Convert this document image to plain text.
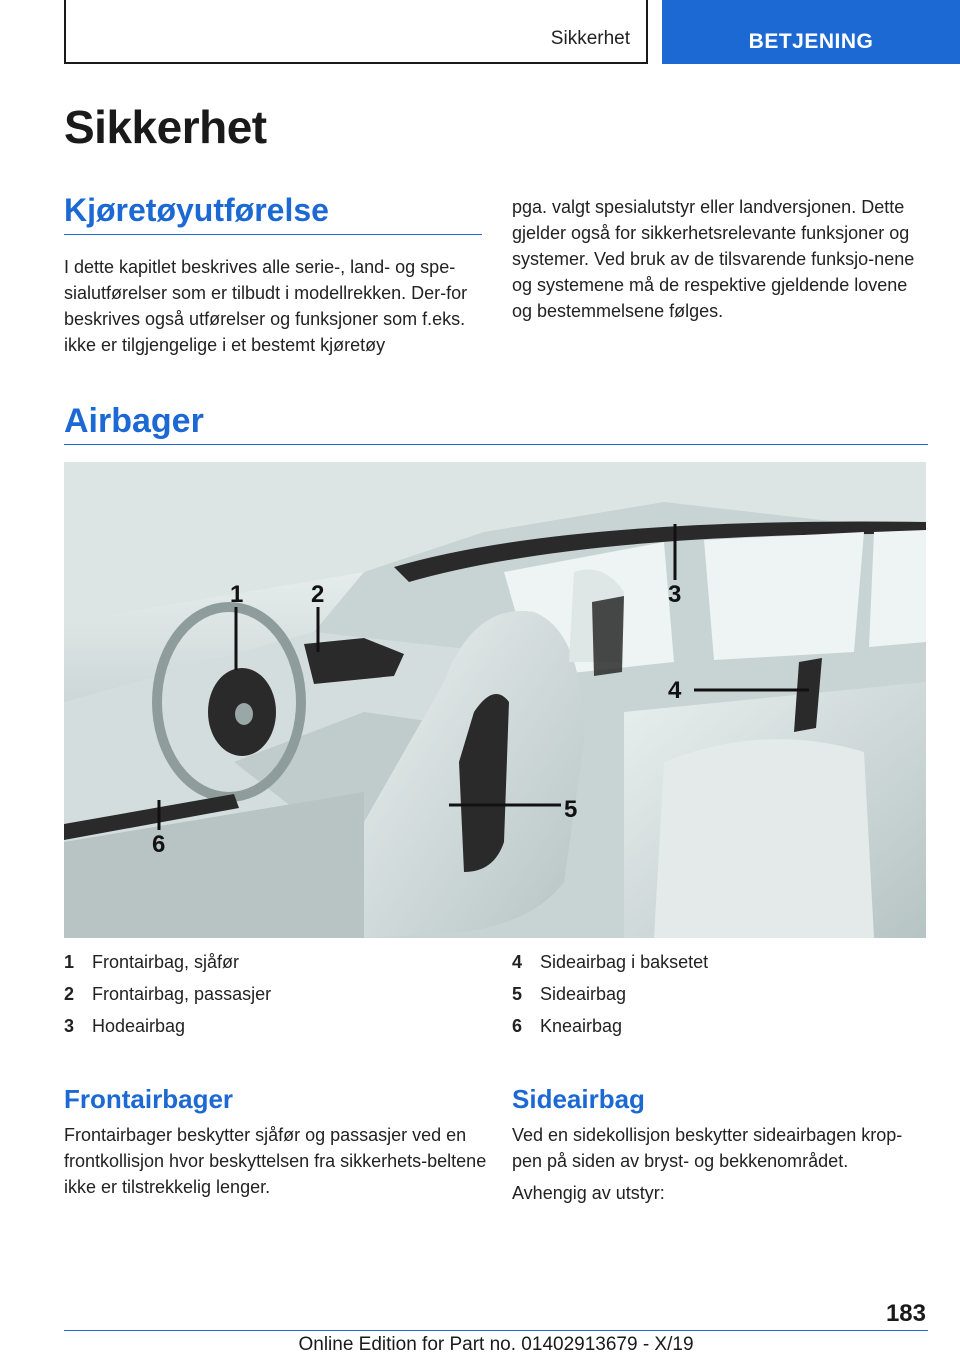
Sikkerhet	BETJENING
Sikkerhet
Kjøretøyutførelse
I dette kapitlet beskrives alle serie-, land- og spe-sialutførelser som er tilbudt i modellrekken. Der-for beskrives også utførelser og funksjoner som f.eks. ikke er tilgjengelige i et bestemt kjøretøy
pga. valgt spesialutstyr eller landversjonen. Dette gjelder også for sikkerhetsrelevante funksjoner og systemer. Ved bruk av de tilsvarende funksjo-nene og systemene må de respektive gjeldende lovene og bestemmelsene følges.
Airbager
1	2	3
4
5
6
1 Frontairbag, sjåfør
2 Frontairbag, passasjer
3 Hodeairbag
4 Sideairbag i baksetet
5 Sideairbag
6 Kneairbag
Frontairbager
Frontairbager beskytter sjåfør og passasjer ved en frontkollisjon hvor beskyttelsen fra sikkerhets-beltene ikke er tilstrekkelig lenger.
Sideairbag
Ved en sidekollisjon beskytter sideairbagen krop-pen på siden av bryst- og bekkenområdet.
Avhengig av utstyr:
183
Online Edition for Part no. 01402913679 - X/19
